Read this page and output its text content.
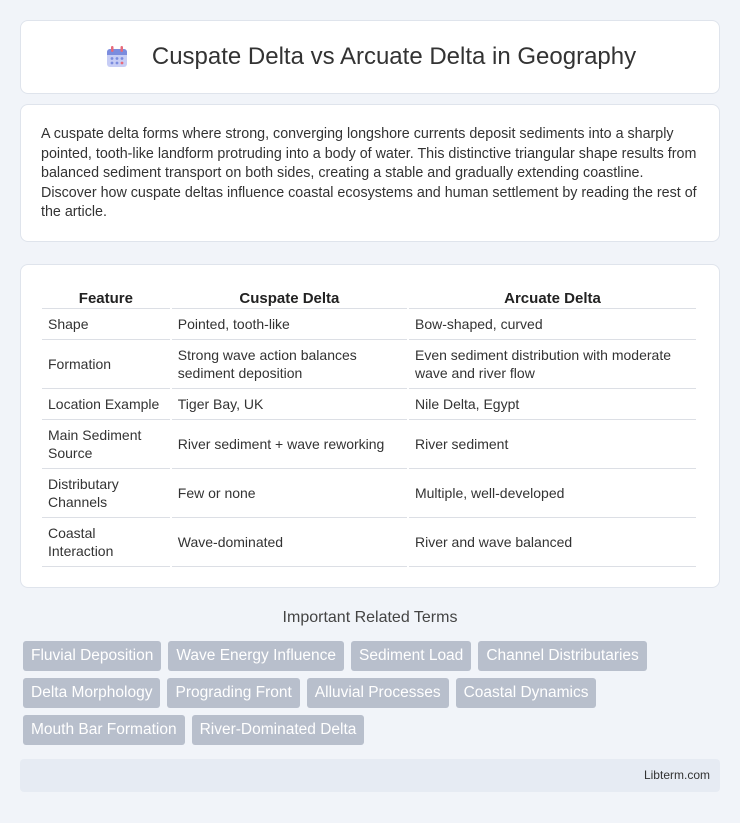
Cuspate Delta vs Arcuate Delta in Geography

A cuspate delta forms where strong, converging longshore currents deposit sediments into a sharply pointed, tooth-like landform protruding into a body of water. This distinctive triangular shape results from balanced sediment transport on both sides, creating a stable and gradually extending coastline. Discover how cuspate deltas influence coastal ecosystems and human settlement by reading the rest of the article.

Feature	Cuspate Delta	Arcuate Delta
Shape	Pointed, tooth-like	Bow-shaped, curved
Formation	Strong wave action balances sediment deposition	Even sediment distribution with moderate wave and river flow
Location Example	Tiger Bay, UK	Nile Delta, Egypt
Main Sediment Source	River sediment + wave reworking	River sediment
Distributary Channels	Few or none	Multiple, well-developed
Coastal Interaction	Wave-dominated	River and wave balanced
Important Related Terms
Fluvial Deposition	Wave Energy Influence	Sediment Load	Channel Distributaries
Delta Morphology	Prograding Front	Alluvial Processes	Coastal Dynamics
Mouth Bar Formation	River-Dominated Delta
Libterm.com
